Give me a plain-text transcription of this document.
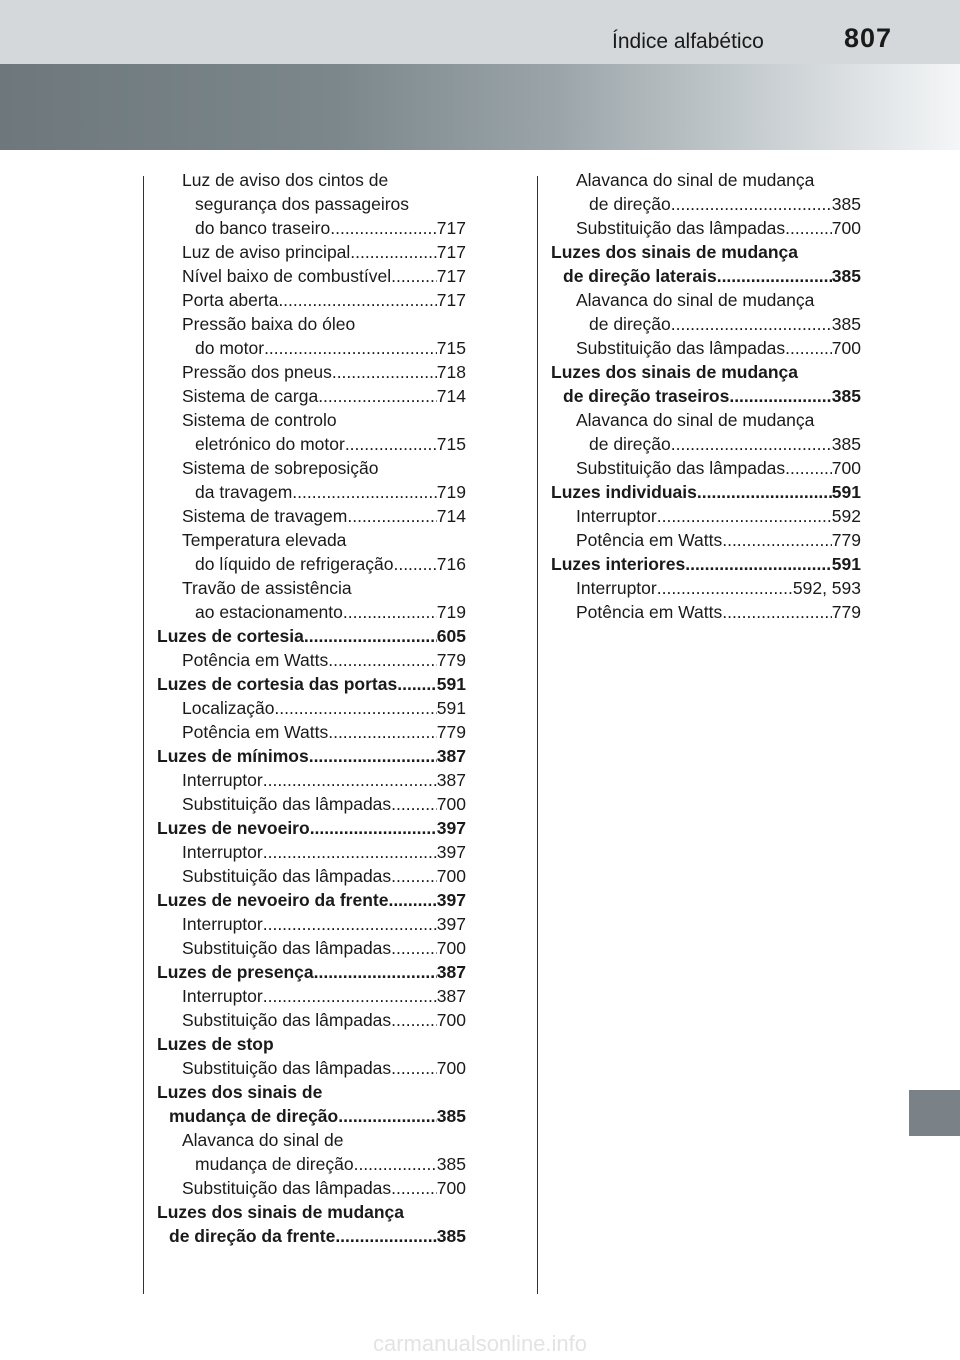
Índice alfabético	807
Luz de aviso dos cintos de
segurança dos passageiros
do banco traseiro .....	717
Luz de aviso principal .....	717
Nível baixo de combustível .....	717
Porta aberta .....	717
Pressão baixa do óleo
do motor .....	715
Pressão dos pneus .....	718
Sistema de carga .....	714
Sistema de controlo
eletrónico do motor .....	715
Sistema de sobreposição
da travagem .....	719
Sistema de travagem .....	714
Temperatura elevada
do líquido de refrigeração ..... 716
Travão de assistência
ao estacionamento .....	719
Luzes de cortesia .....	605
Potência em Watts .....	779
Luzes de cortesia das portas ..... 591
Localização .....	591
Potência em Watts .....	779
Luzes de mínimos .....	387
Interruptor .....	387
Substituição das lâmpadas .....	700
Luzes de nevoeiro .....	397
Interruptor .....	397
Substituição das lâmpadas .....	700
Luzes de nevoeiro da frente .....	397
Interruptor .....	397
Substituição das lâmpadas .....	700
Luzes de presença .....	387
Interruptor .....	387
Substituição das lâmpadas .....	700
Luzes de stop
Substituição das lâmpadas .....	700
Luzes dos sinais de
mudança de direção .....	385
Alavanca do sinal de
mudança de direção .....	385
Substituição das lâmpadas .....	700
Luzes dos sinais de mudança
de direção da frente .....	385
Alavanca do sinal de mudança
de direção .....	385
Substituição das lâmpadas .....	700
Luzes dos sinais de mudança
de direção laterais .....	385
Alavanca do sinal de mudança
de direção .....	385
Substituição das lâmpadas .....	700
Luzes dos sinais de mudança
de direção traseiros .....	385
Alavanca do sinal de mudança
de direção .....	385
Substituição das lâmpadas .....	700
Luzes individuais .....	591
Interruptor .....	592
Potência em Watts .....	779
Luzes interiores .....	591
Interruptor .....	592, 593
Potência em Watts .....	779
carmanualsonline.info
